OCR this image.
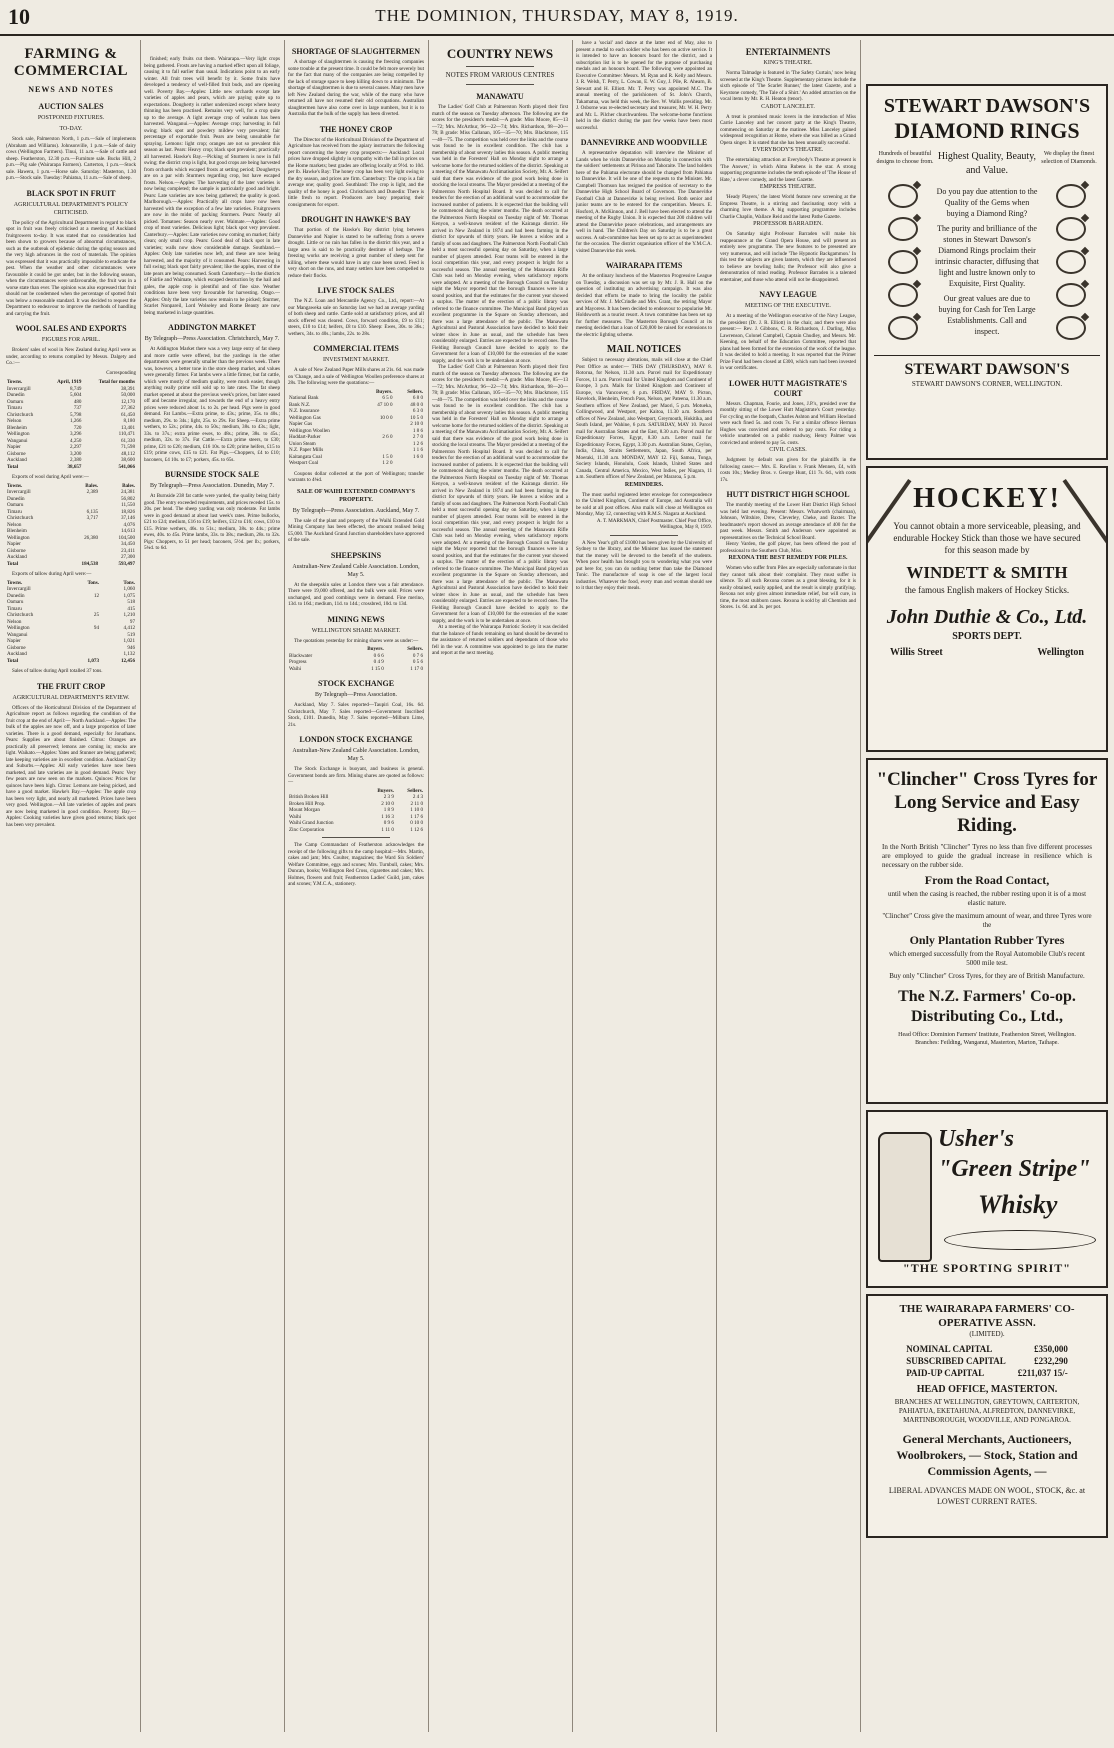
10	THE DOMINION, THURSDAY, MAY 8, 1919.
FARMING & COMMERCIAL
NEWS AND NOTES
AUCTION SALES
POSTPONED FIXTURES.
TO-DAY.

Stock sale, Palmerston North, 1 p.m.—Sale of implements (Abraham and Williams). Johnsonville, 1 p.m.—Sale of dairy cows (Wellington Farmers). Tinui, 11 a.m.—Sale of cattle and sheep. Featherston, 12.30 p.m.—Furniture sale. Bucks Hill, 2 p.m.—Pig sale (Wairarapa Farmers). Carterton, 1 p.m.—Stock sale. Hawera, 1 p.m.—Horse sale. Saturday: Masterton, 1.30 p.m.—Stock sale. Tuesday: Pahiatua, 11 a.m.—Sale of sheep.

BLACK SPOT IN FRUIT
AGRICULTURAL DEPARTMENT'S POLICY CRITICISED.

The policy of the Agricultural Department in regard to black spot in fruit was freely criticised at a meeting of Auckland fruitgrowers to-day. It was stated that no consideration had been shown to growers because of abnormal circumstances, such as the outbreak of epidemic during the spring season and the very high advances in the cost of materials. The opinion was expressed that it was practically impossible to eradicate the pest. When the weather and other circumstances were favourable it could be got under, but in the following season, when the circumstances were unfavourable, the fruit was in a worse state than ever. The opinion was also expressed that fruit should not be condemned when the percentage of spotted fruit was below a reasonable standard. It was decided to request the Department to endeavour to improve the methods of handling and carrying the fruit.

WOOL SALES AND EXPORTS
FIGURES FOR APRIL.

Brokers' sales of wool in New Zealand during April were as under, according to returns compiled by Messrs. Dalgety and Co.:—

Corresponding
Towns.	April, 1919	Total for months
Invercargill	8,749	38,391
Dunedin	5,604	50,000
Oamaru	480	12,170
Timaru	737	27,362
Christchurch	5,798	61,450
Nelson	1,266	8,180
Blenheim	720	13,401
Wellington	3,296	110,471
Wanganui	4,250	61,330
Napier	2,297	71,598
Gisborne	3,200	48,112
Auckland	2,380	38,600
Total	38,657	541,066

Exports of wool during April were:—

Towns.	Bales.	Bales.
Invercargill	2,389	24,381
Dunedin		56,802
Oamaru		11,550
Timaru	6,135	18,826
Christchurch	3,717	37,146
Nelson		4,076
Blenheim		14,613
Wellington	26,380	104,500
Napier		34,450
Gisborne		23,411
Auckland		27,300
Total	184,538	593,497

Exports of tallow during April were:—

Towns.	Tons.	Tons.
Invercargill		1,060
Dunedin	12	1,075
Oamaru		518
Timaru		415
Christchurch	25	1,210
Nelson		97
Wellington	94	4,412
Wanganui		519
Napier		1,021
Gisborne		946
Auckland		1,132
Total	1,073	12,456

Sales of tallow during April totalled 37 tons.

THE FRUIT CROP
AGRICULTURAL DEPARTMENT'S REVIEW.

Officers of the Horticultural Division of the Department of Agriculture report as follows regarding the condition of the fruit crop at the end of April:— North Auckland.—Apples: The bulk of the apples are now off, and a large proportion of later varieties. There is a good demand, especially for Jonathans. Pears: Supplies are about finished. Citrus: Oranges are practically all preserved; lemons are coming in; stocks are light. Waikato.—Apples: Yates and Stunner are being gathered; late keeping varieties are in excellent condition. Auckland City and Suburbs.—Apples: All early varieties have now been marketed, and late varieties are in good demand. Pears: Very few pears are now seen on the markets. Quinces: Prices for quinces have been high. Citrus: Lemons are being picked, and have a good market. Hawke's Bay.—Apples: The apple crop has been very light, and nearly all marketed. Prices have been very good. Wellington.—All late varieties of apples and pears are now being marketed in good condition. Poverty Bay.—Apples: Cooking varieties have given good returns; black spot has been very prevalent.

finished; early fruits cut them. Wairarapa.—Very light crops being gathered. Frosts are having a marked effect upon all foliage, causing it to fall earlier than usual. Indications point to an early winter. All fruit trees will benefit by it. Some fruits have developed a tendency of well-filled fruit buds, and are ripening well. Poverty Bay.—Apples: Little new orchards except late varieties of apples and pears, which are paying quite up to expectations. Dougherty is rather undersized except where heavy thinning has been practised. Remains very well, for a crop quite up to the average. A light average crop of walnuts has been harvested. Wanganui.—Apples: Average crop; harvesting in full swing; black spot and powdery mildew very prevalent; fair percentage of exportable fruit. Pears are being unsuitable for spraying. Lemons: light crop; oranges are not so prevalent this season as last. Pears: Heavy crop; black spot prevalent; practically all harvested. Hawke's Bay.—Picking of Sturmers is now in full swing; the district crop is light, but good crops are being harvested from orchards which escaped frosts at setting period; Doughertys are on a par with Sturmers regarding crop, but have escaped frosts. Nelson.—Apples: The harvesting of the later varieties is now being completed; the sample is particularly good and bright. Pears: Late varieties are now being gathered; the quality is good. Marlborough.—Apples: Practically all crops have now been harvested with the exception of a few late varieties. Fruitgrowers are now in the midst of packing Sturmers. Pears: Nearly all picked. Tomatoes: Season nearly over. Waimate.—Apples: Good crop of most varieties. Delicious light; black spot very prevalent. Canterbury.—Apples: Late varieties now coming on market; fairly clean; only small crop. Pears: Good deal of black spot in late varieties; walls now show considerable damage. Southland.—Apples: Only late varieties now left, and these are now being harvested, and the majority of it consumed. Pears: Harvesting in full swing; black spot fairly prevalent; like the apples, most of the late pears are being consumed. South Canterbury.—In the districts of Fairlie and Waimate, which escaped destruction by the hail and gales, the apple crop is plentiful and of fine size. Weather conditions have been very favourable for harvesting. Otago.—Apples: Only the late varieties now remain to be picked; Sturmer, Scarlet Nonpareil, Lord Wolseley and Rome Beauty are now being marketed in large quantities.

ADDINGTON MARKET
By Telegraph—Press Association. Christchurch, May 7.

At Addington Market there was a very large entry of fat sheep and more cattle were offered, but the yardings in the other departments were generally smaller than the previous week. There was, however, a better tone in the store sheep market, and values were generally firmer. Fat lambs were a little firmer, but fat cattle, which were mostly of medium quality, were much easier, though anything really prime still sold up to late rates. The fat sheep market opened at about the previous week's prices, but later eased off and became irregular, and towards the end of a heavy entry prices were reduced about 1s. to 2s. per head. Pigs were in good demand. Fat Lambs.—Extra prime, to 43s.; prime, 35s. to 40s.; medium, 29s. to 34s.; light, 25s. to 29s. Fat Sheep.—Extra prime wethers, to 52s.; prime, 44s. to 50s.; medium, 38s. to 43s.; light, 33s. to 37s.; extra prime ewes, to 48s.; prime, 38s. to 45s.; medium, 32s. to 37s. Fat Cattle.—Extra prime steers, to £30; prime, £21 to £26; medium, £16 10s. to £20; prime heifers, £15 to £19; prime cows, £15 to £21. Fat Pigs.—Choppers, £4 to £10; baconers, £4 10s. to £7; porkers, 45s. to 65s.

BURNSIDE STOCK SALE
By Telegraph—Press Association. Dunedin, May 7.

At Burnside 238 fat cattle were yarded, the quality being fairly good. The entry exceeded requirements, and prices receded 15s. to 20s. per head. The sheep yarding was only moderate. Fat lambs were in good demand at about last week's rates. Prime bullocks, £21 to £24; medium, £16 to £19; heifers, £12 to £16; cows, £10 to £15. Prime wethers, 46s. to 51s.; medium, 38s. to 44s.; prime ewes, 40s. to 45s. Prime lambs, 33s. to 38s.; medium, 28s. to 32s. Pigs: Choppers, to 51 per head; baconers, 5½d. per lb.; porkers, 5¾d. to 6d.

SHORTAGE OF SLAUGHTERMEN

A shortage of slaughtermen is causing the freezing companies some trouble at the present time. It could be felt more severely but for the fact that many of the companies are being compelled by the lack of storage space to keep killing down to a minimum. The shortage of slaughtermen is due to several causes. Many men have left New Zealand during the war, while of the many who have returned all have not resumed their old occupations. Australian slaughtermen have also come over in large numbers, but it is to Australia that the bulk of the supply has been diverted.

THE HONEY CROP

The Director of the Horticultural Division of the Department of Agriculture has received from the apiary instructors the following report concerning the honey crop prospects:— Auckland: Local prices have dropped slightly in sympathy with the fall in prices on the Home markets; best grades are offering locally at 9½d. to 10d. per lb. Hawke's Bay: The honey crop has been very light owing to the dry season, and prices are firm. Canterbury: The crop is a fair average one; quality good. Southland: The crop is light, and the quality of the honey is good. Christchurch and Dunedin: There is little fresh to report. Producers are busy preparing their consignments for export.

DROUGHT IN HAWKE'S BAY

That portion of the Hawke's Bay district lying between Dannevirke and Napier is stated to be suffering from a severe drought. Little or no rain has fallen in the district this year, and a large area is said to be practically destitute of herbage. The freezing works are receiving a great number of sheep sent for killing, where these would have in any case been saved. Feed is very short on the runs, and many settlers have been compelled to reduce their flocks.

LIVE STOCK SALES

The N.Z. Loan and Mercantile Agency Co., Ltd., report:—At our Mangaweka sale on Saturday last we had an average yarding of both sheep and cattle. Cattle sold at satisfactory prices, and all stock offered was cleared. Cows, forward condition, £9 to £11; steers, £10 to £14; heifers, £8 to £10. Sheep: Ewes, 30s. to 36s.; wethers, 34s. to 40s.; lambs, 22s. to 28s.

COMMERCIAL ITEMS
INVESTMENT MARKET.

A sale of New Zealand Paper Mills shares at 21s. 6d. was made on 'Change, and a sale of Wellington Woollen preference shares at 28s. The following were the quotations:—

	Buyers.	Sellers.
National Bank	6 5 0	6 8 0
Bank N.Z.	47 10 0	48 0 0
N.Z. Insurance		6 3 0
Wellington Gas	10 0 0	10 5 0
Napier Gas		2 10 0
Wellington Woollen		1 8 6
Huddart-Parker	2 6 0	2 7 0
Union Steam		1 2 6
N.Z. Paper Mills		1 1 6
Kaitangata Coal	1 5 0	1 6 0
Westport Coal	1 2 0	

Coupons dollar collected at the port of Wellington; transfer warrants to 4¾d.

SALE OF WAIHI EXTENDED COMPANY'S PROPERTY.
By Telegraph—Press Association. Auckland, May 7.

The sale of the plant and property of the Waihi Extended Gold Mining Company has been effected, the amount realised being £5,000. The Auckland Grand Junction shareholders have approved of the sale.

SHEEPSKINS
Australian-New Zealand Cable Association. London, May 5.

At the sheepskin sales at London there was a fair attendance. There were 19,000 offered, and the bulk were sold. Prices were unchanged, and good combings were in demand. Fine merino, 13d. to 16d.; medium, 11d. to 14d.; crossbred, 10d. to 13d.

MINING NEWS
WELLINGTON SHARE MARKET.

The quotations yesterday for mining shares were as under:—

	Buyers.	Sellers.
Blackwater	0 6 6	0 7 6
Progress	0 4 9	0 5 6
Waihi	1 15 0	1 17 0
STOCK EXCHANGE
By Telegraph—Press Association.

Auckland, May 7. Sales reported—Taupiri Coal, 16s. 6d. Christchurch, May 7. Sales reported—Government Inscribed Stock, £101. Dunedin, May 7. Sales reported—Milburn Lime, 21s.

LONDON STOCK EXCHANGE
Australian-New Zealand Cable Association. London, May 5.

The Stock Exchange is buoyant, and business is general. Government bonds are firm. Mining shares are quoted as follows:—

	Buyers.	Sellers.
British Broken Hill	2 3 9	2 4 3
Broken Hill Prop.	2 10 0	2 11 0
Mount Morgan	1 8 9	1 10 0
Waihi	1 16 3	1 17 6
Waihi Grand Junction	0 9 6	0 10 0
Zinc Corporation	1 11 0	1 12 6

The Camp Commandant of Featherston acknowledges the receipt of the following gifts to the camp hospital:—Mrs. Martin, cakes and jam; Mrs. Coulter, magazines; the Ward Six Soldiers' Welfare Committee, eggs and scones; Mrs. Turnbull, cakes; Mrs. Duncan, books; Wellington Red Cross, cigarettes and cakes; Mrs. Holmes, flowers and fruit; Featherston Ladies' Guild, jam, cakes and scones; Y.M.C.A., stationery.

COUNTRY NEWS
NOTES FROM VARIOUS CENTRES
MANAWATU

The Ladies' Golf Club at Palmerston North played their first match of the season on Tuesday afternoon. The following are the scores for the president's medal:—A grade: Miss Moore, 85—13—72; Mrs. McArthur, 96—22—74; Mrs. Richardson, 98—20—78; B grade: Miss Callanan, 105—35—70; Mrs. Blackmore, 115—40—75. The competition was held over the links and the course was found to be in excellent condition. The club has a membership of about seventy ladies this season. A public meeting was held in the Foresters' Hall on Monday night to arrange a welcome home for the returned soldiers of the district. Speaking at a meeting of the Manawatu Acclimatisation Society, Mr. A. Seifert said that there was evidence of the good work being done in stocking the local streams. The Mayor presided at a meeting of the Palmerston North Hospital Board. It was decided to call for tenders for the erection of an additional ward to accommodate the increased number of patients. It is expected that the building will be commenced during the winter months. The death occurred at the Palmerston North Hospital on Tuesday night of Mr. Thomas Kenyon, a well-known resident of the Kairanga district. He arrived in New Zealand in 1874 and had been farming in the district for upwards of thirty years. He leaves a widow and a family of sons and daughters. The Palmerston North Football Club held a most successful opening day on Saturday, when a large number of players attended. Four teams will be entered in the local competition this year, and every prospect is bright for a successful season. The annual meeting of the Manawatu Rifle Club was held on Monday evening, when satisfactory reports were adopted. At a meeting of the Borough Council on Tuesday night the Mayor reported that the borough finances were in a sound position, and that the estimates for the current year showed a surplus. The matter of the erection of a public library was referred to the finance committee. The Municipal Band played an excellent programme in the Square on Sunday afternoon, and there was a large attendance of the public. The Manawatu Agricultural and Pastoral Association have decided to hold their winter show in June as usual, and the schedule has been considerably enlarged. Entries are expected to be record ones. The Fielding Borough Council have decided to apply to the Government for a loan of £10,000 for the extension of the water supply, and the work is to be undertaken at once.

The Ladies' Golf Club at Palmerston North played their first match of the season on Tuesday afternoon. The following are the scores for the president's medal:—A grade: Miss Moore, 85—13—72; Mrs. McArthur, 96—22—74; Mrs. Richardson, 98—20—78; B grade: Miss Callanan, 105—35—70; Mrs. Blackmore, 115—40—75. The competition was held over the links and the course was found to be in excellent condition. The club has a membership of about seventy ladies this season. A public meeting was held in the Foresters' Hall on Monday night to arrange a welcome home for the returned soldiers of the district. Speaking at a meeting of the Manawatu Acclimatisation Society, Mr. A. Seifert said that there was evidence of the good work being done in stocking the local streams. The Mayor presided at a meeting of the Palmerston North Hospital Board. It was decided to call for tenders for the erection of an additional ward to accommodate the increased number of patients. It is expected that the building will be commenced during the winter months. The death occurred at the Palmerston North Hospital on Tuesday night of Mr. Thomas Kenyon, a well-known resident of the Kairanga district. He arrived in New Zealand in 1874 and had been farming in the district for upwards of thirty years. He leaves a widow and a family of sons and daughters. The Palmerston North Football Club held a most successful opening day on Saturday, when a large number of players attended. Four teams will be entered in the local competition this year, and every prospect is bright for a successful season. The annual meeting of the Manawatu Rifle Club was held on Monday evening, when satisfactory reports were adopted. At a meeting of the Borough Council on Tuesday night the Mayor reported that the borough finances were in a sound position, and that the estimates for the current year showed a surplus. The matter of the erection of a public library was referred to the finance committee. The Municipal Band played an excellent programme in the Square on Sunday afternoon, and there was a large attendance of the public. The Manawatu Agricultural and Pastoral Association have decided to hold their winter show in June as usual, and the schedule has been considerably enlarged. Entries are expected to be record ones. The Fielding Borough Council have decided to apply to the Government for a loan of £10,000 for the extension of the water supply, and the work is to be undertaken at once.

At a meeting of the Wairarapa Patriotic Society it was decided that the balance of funds remaining on hand should be devoted to the assistance of returned soldiers and dependants of those who fell in the war. A committee was appointed to go into the matter and report at the next meeting.

have a 'social' and dance at the latter end of May, also to present a medal to each soldier who has been on active service. It is intended to have an honours board for the district, and a subscription list is to be opened for the purpose of purchasing medals and an honours board. The following were appointed an Executive Committee: Messrs. M. Ryan and R. Kelly and Messrs. J. R. Welsh, T. Perry, L. Cowan, E. W. Guy, J. Pile, R. Ahearn, B. Stewart and H. Elliott. Mr. T. Perry was appointed M.C. The annual meeting of the parishioners of St. John's Church, Takamatua, was held this week, the Rev. W. Wallis presiding. Mr. J. Osborne was re-elected secretary and treasurer, Mr. W. H. Perry and Mr. L. Pilcher churchwardens. The welcome-home functions held in the district during the past few weeks have been most successful.

DANNEVIRKE AND WOODVILLE

A representative deputation will interview the Minister of Lands when he visits Dannevirke on Monday in connection with the soldiers' settlements at Pirinoa and Tahoraite. The land holders here of the Pahiatua electorate should be changed from Pahiatua to Dannevirke. It will be one of the requests to the Minister. Mr. Campbell Thomson has resigned the position of secretary to the Dannevirke High School Board of Governors. The Dannevirke Football Club at Dannevirke is being revived. Both senior and junior teams are to be entered for the competition. Messrs. E. Hosford, A. McKinnon, and J. Bell have been elected to attend the meeting of the Rugby Union. It is expected that 200 children will attend the Dannevirke peace celebrations, and arrangements are well in hand. The Children's Day on Saturday is to be a great success. A sub-committee has been set up to act as superintendent for the occasion. The district organisation officer of the Y.M.C.A. visited Dannevirke this week.

WAIRARAPA ITEMS

At the ordinary luncheon of the Masterton Progressive League on Tuesday, a discussion was set up by Mr. J. R. Hall on the question of instituting an advertising campaign. It was also decided that efforts be made to bring the locality the public services of Mr. J. McCrindle and Mrs. Grant, the retiring Mayor and Mayoress. It has been decided to endeavour to popularise Mt. Holdsworth as a tourist resort. A town committee has been set up for further measures. The Masterton Borough Council at its meeting decided that a loan of £20,000 be raised for extensions to the electric lighting scheme.

MAIL NOTICES

Subject to necessary alterations, mails will close at the Chief Post Office as under:— THIS DAY (THURSDAY), MAY 8. Rotorua, for Nelson, 11.30 a.m. Parcel mail for Expeditionary Forces, 11 a.m. Parcel mail for United Kingdom and Continent of Europe, 3 p.m. Mails for United Kingdom and Continent of Europe, via Vancouver, 6 p.m. FRIDAY, MAY 9. Picton, Havelock, Blenheim, French Pass, Nelson, per Pateena, 11.30 a.m. Southern offices of New Zealand, per Maori, 5 p.m. Motueka, Collingwood, and Westport, per Kaitoa, 11.30 a.m. Southern offices of New Zealand, also Westport, Greymouth, Hokitika, and South Island, per Wahine, 6 p.m. SATURDAY, MAY 10. Parcel mail for Australian States and the East, 8.30 a.m. Parcel mail for Expeditionary Forces, Egypt, 8.30 a.m. Letter mail for Expeditionary Forces, Egypt, 3.30 p.m. Australian States, Ceylon, India, China, Straits Settlements, Japan, South Africa, per Moeraki, 11.30 a.m. MONDAY, MAY 12. Fiji, Samoa, Tonga, Society Islands, Honolulu, Cook Islands, United States and Canada, Central America, Mexico, West Indies, per Niagara, 11 a.m. Southern offices of New Zealand, per Mararoa, 5 p.m.

REMINDERS.

The most useful registered letter envelope for correspondence to the United Kingdom, Continent of Europe, and Australia will be sold at all post offices. Also mails will close at Wellington on Monday, May 12, connecting with R.M.S. Niagara at Auckland.

A. T. MARKMAN, Chief Postmaster. Chief Post Office, Wellington, May 8, 1919.

A New Year's gift of £1000 has been given by the University of Sydney to the library, and the Minister has issued the statement that the money will be devoted to the benefit of the students. When poor health has brought you to wondering what you were put here for, you can do nothing better than take the Diamond Tonic. The manufacture of soap is one of the largest local industries. Whatever the food, every man and woman should see to it that they enjoy their meals.

ENTERTAINMENTS
KING'S THEATRE.

Norma Talmadge is featured in 'The Safety Curtain,' now being screened at the King's Theatre. Supplementary pictures include the sixth episode of 'The Scarlet Runner,' the latest Gazette, and a Keystone comedy, 'The Tale of a Shirt.' An added attraction on the vocal items by Mr. R. H. Heaton (tenor).

CABOT LANCELET.

A treat is promised music lovers in the introduction of Miss Carrie Lanceley and her concert party at the King's Theatre, commencing on Saturday at the matinee. Miss Lanceley gained widespread recognition at Home, where she was billed as a Grand Opera singer. It is stated that she has been unusually successful.

EVERYBODY'S THEATRE.

The entertaining attraction at Everybody's Theatre at present is 'The Answer,' in which Alma Rubens is the star. A strong supporting programme includes the tenth episode of 'The House of Hate,' a clever comedy, and the latest Gazette.

EMPRESS THEATRE.

'Heady Players,' the latest World feature now screening at the Empress Theatre, is a stirring and fascinating story with a charming love theme. A big supporting programme includes Charlie Chaplin, Wallace Reid and the latest Pathe Gazette.

PROFESSOR BARRADEN.

On Saturday night Professor Barraden will make his reappearance at the Grand Opera House, and will present an entirely new programme. The new features to be presented are very numerous, and will include 'The Hypnotic Backgammon.' In this test the subjects are given lantern, which they are influenced to believe are bowling balls; the Professor will also give a demonstration of mind reading. Professor Barraden is a talented entertainer, and those who attend will not be disappointed.

NAVY LEAGUE
MEETING OF THE EXECUTIVE.

At a meeting of the Wellington executive of the Navy League, the president (Dr. J. R. Elliott) in the chair, and there were also present:— Rev. J. Gibbons, C. R. Richardson, J. Darling, Miss Lawrenson, Colonel Campbell, Captain Chudley, and Messrs. Mr. Keening, on behalf of the Education Committee, reported that plans had been formed for the extension of the work of the league. It was decided to hold a meeting. It was reported that the Primer Prize Fund had been closed at £300, which sum had been invested in war certificates.

LOWER HUTT MAGISTRATE'S COURT

Messrs. Chapman, Fourie, and Jones, J.P.'s, presided over the monthly sitting of the Lower Hutt Magistrate's Court yesterday. For cycling on the footpath, Charles Ashton and William Howland were each fined 5s. and costs 7s. For a similar offence Herman Hughes was convicted and ordered to pay costs. For riding a vehicle unattended on a public roadway, Henry Palmer was convicted and ordered to pay 5s. costs.

CIVIL CASES.

Judgment by default was given for the plaintiffs in the following cases:— Mrs. E. Rawlins v. Frank Mennen, £4, with costs 10s.; Mediey Bros. v. George Hunt, £11 7s. 6d., with costs 17s.

HUTT DISTRICT HIGH SCHOOL

The monthly meeting of the Lower Hutt District High School was held last evening. Present: Messrs. Whatworth (chairman), Johnson, Wiltshire, Drew, Cleverley, Cheke, and Baxter. The headmaster's report showed an average attendance of 400 for the past week. Messrs. Smith and Anderson were appointed as representatives on the Technical School Board.

Henry Varden, the golf player, has been offered the post of professional to the Southern Club, Miss.

REXONA THE BEST REMEDY FOR PILES.

Women who suffer from Piles are especially unfortunate in that they cannot talk about their complaint. They must suffer in silence. To all such Rexona comes as a great blessing, for it is easily obtained, easily applied, and the result is simply gratifying. Rexona not only gives almost immediate relief, but will cure, in time, the most stubborn cases. Rexona is sold by all Chemists and Stores. 1s. 6d. and 3s. per pot.

STEWART DAWSON'S
DIAMOND RINGS
Hundreds of beautiful designs to choose from. Highest Quality, Beauty, and Value.
We display the finest selection of Diamonds.

Do you pay due attention to the Quality of the Gems when buying a Diamond Ring?

The purity and brilliance of the stones in Stewart Dawson's Diamond Rings proclaim their intrinsic character, diffusing that light and lustre known only to Exquisite, First Quality.

Our great values are due to buying for Cash for Ten Large Establishments. Call and inspect.

STEWART DAWSON'S
STEWART DAWSON'S CORNER, WELLINGTON.
HOCKEY!
You cannot obtain a more serviceable, pleasing, and endurable Hockey Stick than those we have secured for this season made by
WINDETT & SMITH
the famous English makers of Hockey Sticks.
John Duthie & Co., Ltd.
SPORTS DEPT.
Willis Street	Wellington
"Clincher" Cross Tyres for Long Service and Easy Riding.
In the North British "Clincher" Tyres no less than five different processes are employed to guide the gradual increase in resilience which is necessary on the rubber side.
From the Road Contact,
until when the casing is reached, the rubber resting upon it is of a most elastic nature.
"Clincher" Cross give the maximum amount of wear, and three Tyres wore the
Only Plantation Rubber Tyres
which emerged successfully from the Royal Automobile Club's recent 5000 mile test.
Buy only "Clincher" Cross Tyres, for they are of British Manufacture.
The N.Z. Farmers' Co-op. Distributing Co., Ltd.,
Head Office: Dominion Farmers' Institute, Featherston Street, Wellington.
Branches: Feilding, Wanganui, Masterton, Marton, Taihape.
Usher's
"Green Stripe"
Whisky
"THE SPORTING SPIRIT"
THE WAIRARAPA FARMERS' CO-OPERATIVE ASSN.
(LIMITED).
NOMINAL CAPITAL	£350,000
SUBSCRIBED CAPITAL	£232,290
PAID-UP CAPITAL	£211,037 15/-
HEAD OFFICE, MASTERTON.
BRANCHES AT WELLINGTON, GREYTOWN, CARTERTON, PAHIATUA, EKETAHUNA, ALFREDTON, DANNEVIRKE, MARTINBOROUGH, WOODVILLE, AND PONGAROA.
General Merchants, Auctioneers, Woolbrokers, — Stock, Station and Commission Agents, —
LIBERAL ADVANCES MADE ON WOOL, STOCK, &c. at LOWEST CURRENT RATES.
